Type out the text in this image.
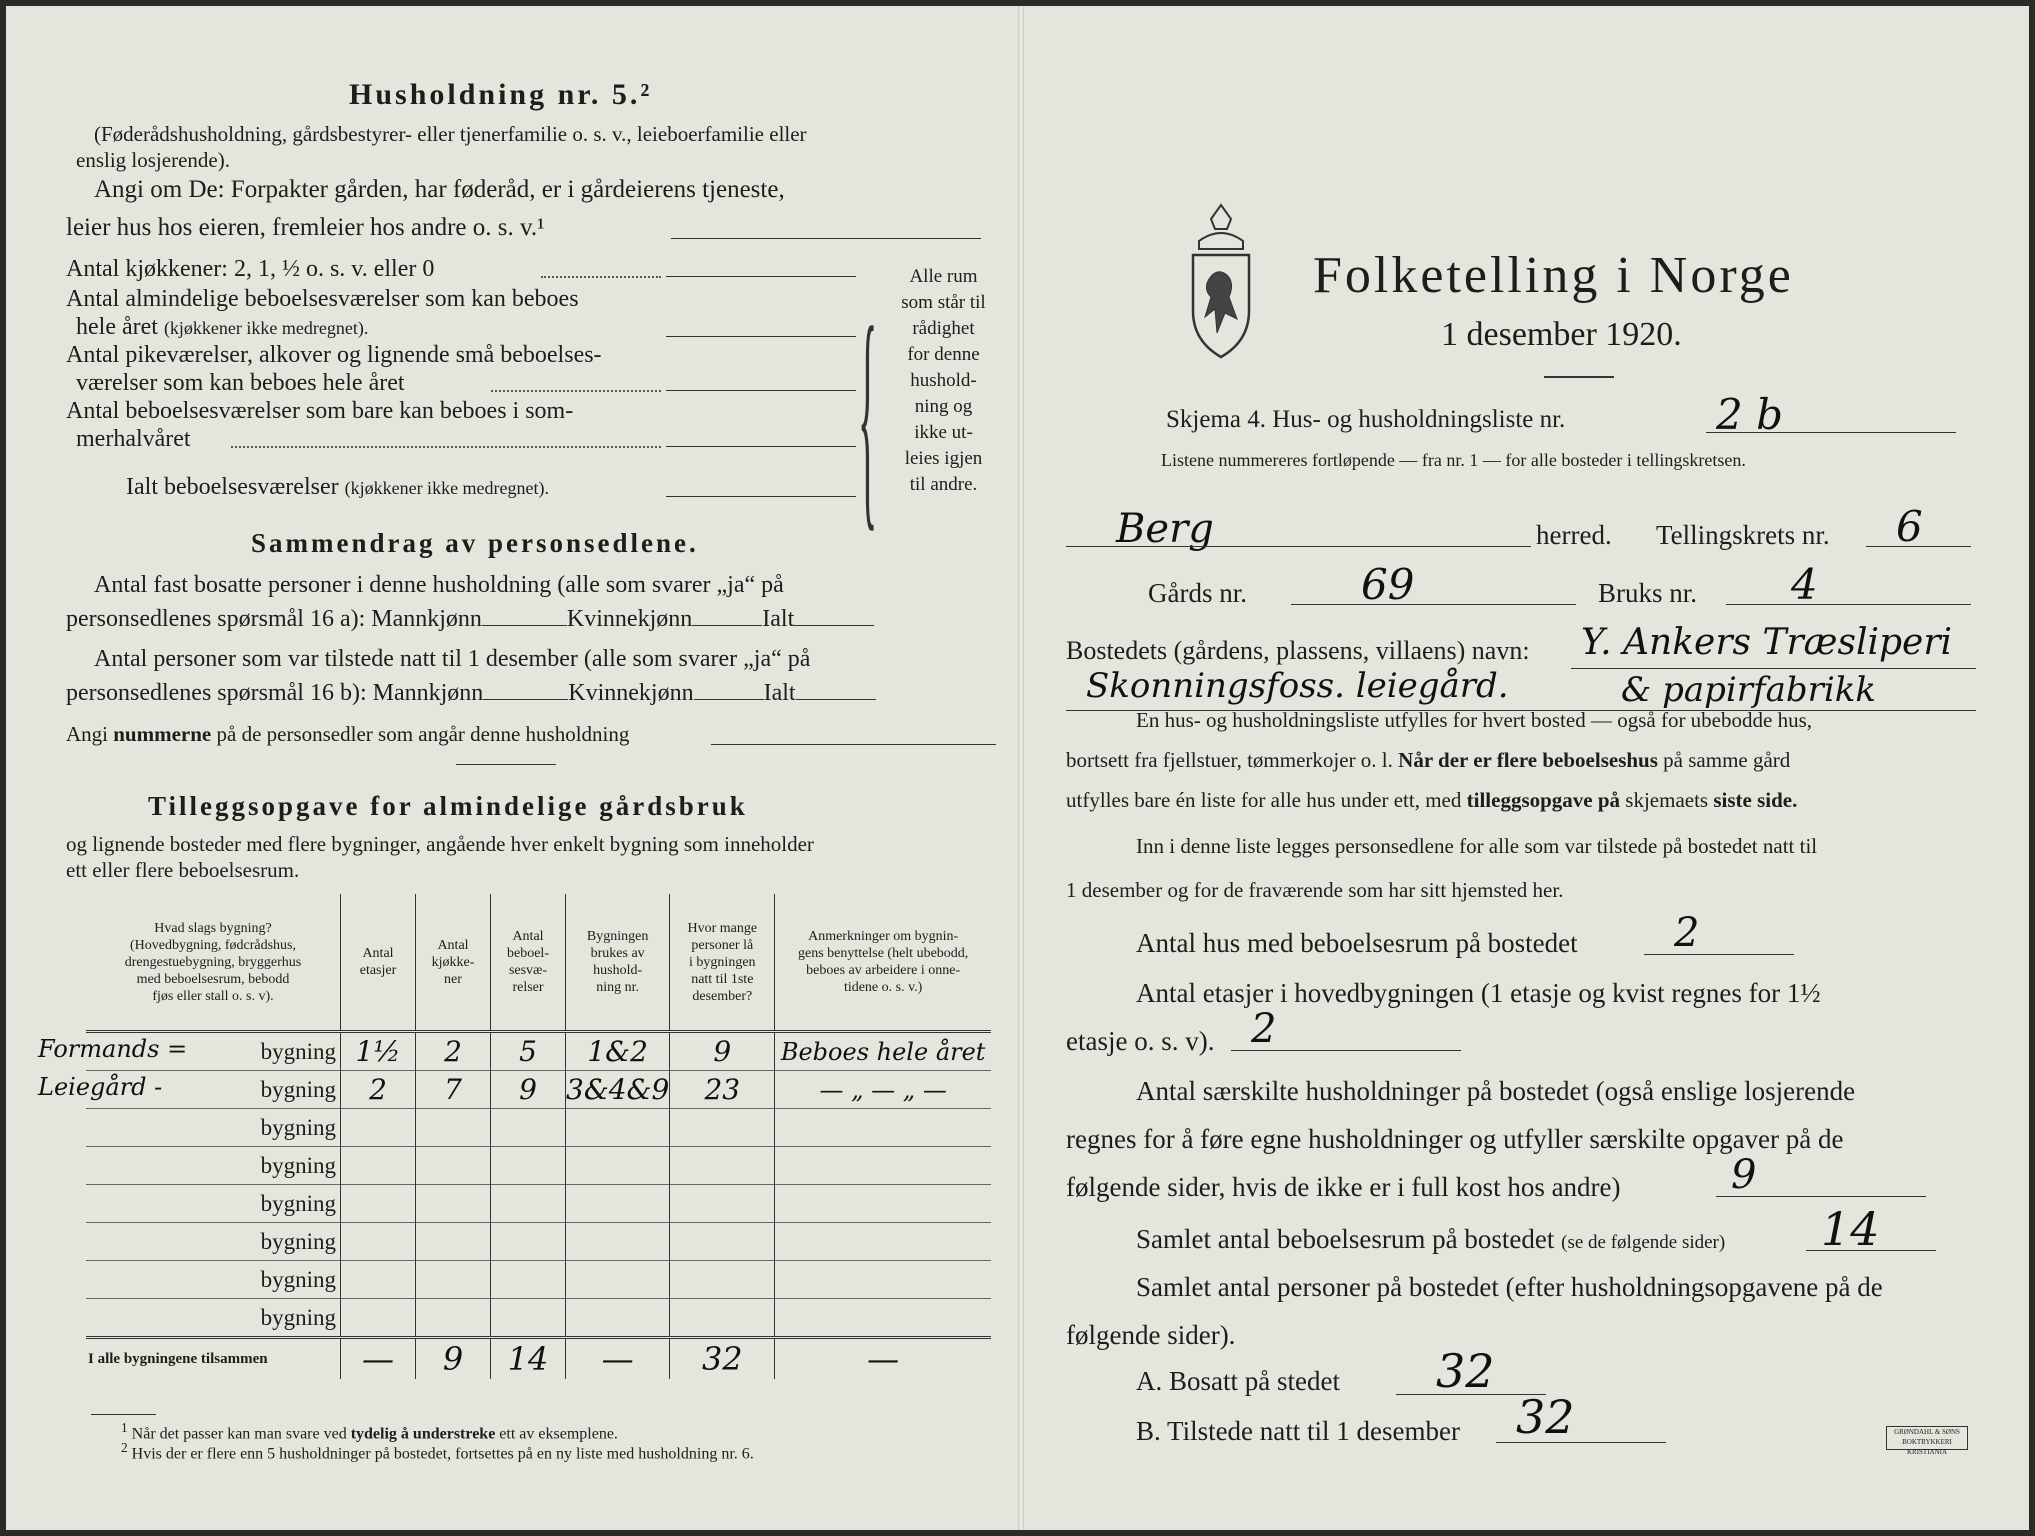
Husholdning nr. 5.²
(Føderådshusholdning, gårdsbestyrer- eller tjenerfamilie o. s. v., leieboerfamilie eller
enslig losjerende).
Angi om De: Forpakter gården, har føderåd, er i gårdeierens tjeneste,
leier hus hos eieren, fremleier hos andre o. s. v.¹
Antal kjøkkener: 2, 1, ½ o. s. v. eller 0
Antal almindelige beboelsesværelser som kan beboes
hele året (kjøkkener ikke medregnet).
Antal pikeværelser, alkover og lignende små beboelses-
værelser som kan beboes hele året
Antal beboelsesværelser som bare kan beboes i som-
merhalvåret
Ialt beboelsesværelser (kjøkkener ikke medregnet).	{	Alle rum
som står til
rådighet
for denne
hushold-
ning og
ikke ut-
leies igjen
til andre.
Sammendrag av personsedlene.
Antal fast bosatte personer i denne husholdning (alle som svarer „ja“ på
personsedlenes spørsmål 16 a): Mannkjønn	Kvinnekjønn	Ialt
Antal personer som var tilstede natt til 1 desember (alle som svarer „ja“ på
personsedlenes spørsmål 16 b): Mannkjønn	Kvinnekjønn	Ialt
Angi nummerne på de personsedler som angår denne husholdning
Tilleggsopgave for almindelige gårdsbruk
og lignende bosteder med flere bygninger, angående hver enkelt bygning som inneholder
ett eller flere beboelsesrum.
Hvad slags bygning?
(Hovedbygning, fødcrådshus,
drengestuebygning, bryggerhus
med beboelsesrum, bebodd
fjøs eller stall o. s. v).	Antal
etasjer	Antal
kjøkke-
ner	Antal
beboel-
sesvæ-
relser	Bygningen
brukes av
hushold-
ning nr.	Hvor mange
personer lå
i bygningen
natt til 1ste
desember?	Anmerkninger om bygnin-
gens benyttelse (helt ubebodd,
beboes av arbeidere i onne-
tidene o. s. v.)

Formands = bygning	1½	2	5	1&2	9	Beboes hele året

Leiegård - bygning	2	7	9	3&4&9	23	— „ — „ —

bygning						

bygning						

bygning						

bygning						

bygning						

bygning						
I alle bygningene tilsammen	—	9	14	—	32	—
$^1$ Når det passer kan man svare ved tydelig å understreke ett av eksemplene.
$^2$ Hvis der er flere enn 5 husholdninger på bostedet, fortsettes på en ny liste med husholdning nr. 6.
Folketelling i Norge
1 desember 1920.
Skjema 4. Hus- og husholdningsliste nr.	2 b
Listene nummereres fortløpende — fra nr. 1 — for alle bosteder i tellingskretsen.
Berg	herred. Tellingskrets nr. 6
Gårds nr.	69	Bruks nr. 4
Bostedets (gårdens, plassens, villaens) navn: Y. Ankers Træsliperi
Skonningsfoss. leiegård.	& papirfabrikk
En hus- og husholdningsliste utfylles for hvert bosted — også for ubebodde hus,
bortsett fra fjellstuer, tømmerkojer o. l. Når der er flere beboelseshus på samme gård
utfylles bare én liste for alle hus under ett, med tilleggsopgave på skjemaets siste side.
Inn i denne liste legges personsedlene for alle som var tilstede på bostedet natt til
1 desember og for de fraværende som har sitt hjemsted her.
Antal hus med beboelsesrum på bostedet 2
Antal etasjer i hovedbygningen (1 etasje og kvist regnes for 1½
etasje o. s. v). 2
Antal særskilte husholdninger på bostedet (også enslige losjerende
regnes for å føre egne husholdninger og utfyller særskilte opgaver på de
følgende sider, hvis de ikke er i full kost hos andre)	9
Samlet antal beboelsesrum på bostedet (se de følgende sider) 14
Samlet antal personer på bostedet (efter husholdningsopgavene på de
følgende sider).
A. Bosatt på stedet 32
B. Tilstede natt til 1 desember 32	GRØNDAHL & SØNS BOKTRYKKERI KRISTIANIA
